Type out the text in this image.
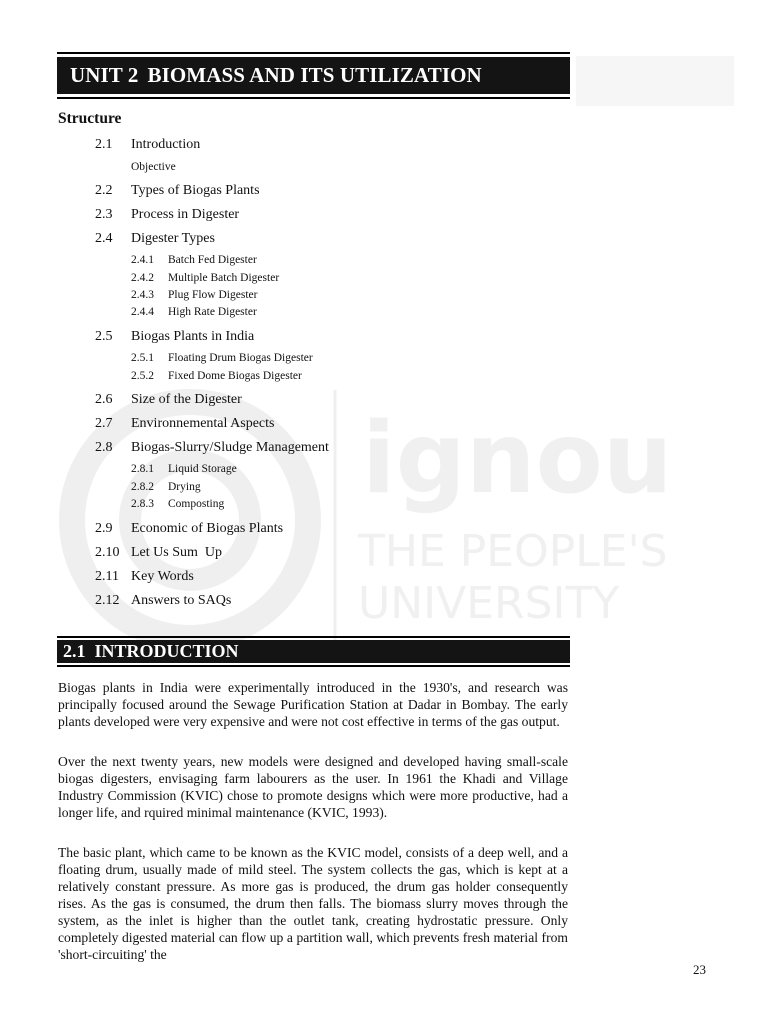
ignou
THE PEOPLE'S
UNIVERSITY
UNIT 2 BIOMASS AND ITS UTILIZATION
Structure
2.1 Introduction
Objective
2.2 Types of Biogas Plants
2.3 Process in Digester
2.4 Digester Types
2.4.1 Batch Fed Digester
2.4.2 Multiple Batch Digester
2.4.3 Plug Flow Digester
2.4.4 High Rate Digester
2.5 Biogas Plants in India
2.5.1 Floating Drum Biogas Digester
2.5.2 Fixed Dome Biogas Digester
2.6 Size of the Digester
2.7 Environnemental Aspects
2.8 Biogas-Slurry/Sludge Management
2.8.1 Liquid Storage
2.8.2 Drying
2.8.3 Composting
2.9 Economic of Biogas Plants
2.10 Let Us Sum  Up
2.11 Key Words
2.12 Answers to SAQs
2.1 INTRODUCTION

Biogas plants in India were experimentally introduced in the 1930's, and research was principally focused around the Sewage Purification Station at Dadar in Bombay. The early plants developed were very expensive and were not cost effective in terms of the gas output.

Over the next twenty years, new models were designed and developed having small-scale biogas digesters, envisaging farm labourers as the user. In 1961 the Khadi and Village Industry Commission (KVIC) chose to promote designs which were more productive, had a longer life, and rquired minimal maintenance (KVIC, 1993).

The basic plant, which came to be known as the KVIC model, consists of a deep well, and a floating drum, usually made of mild steel. The system collects the gas, which is kept at a relatively constant pressure. As more gas is produced, the drum gas holder consequently rises. As the gas is consumed, the drum then falls. The biomass slurry moves through the system, as the inlet is higher than the outlet tank, creating hydrostatic pressure. Only completely digested material can flow up a partition wall, which prevents fresh material from 'short-circuiting' the

23
